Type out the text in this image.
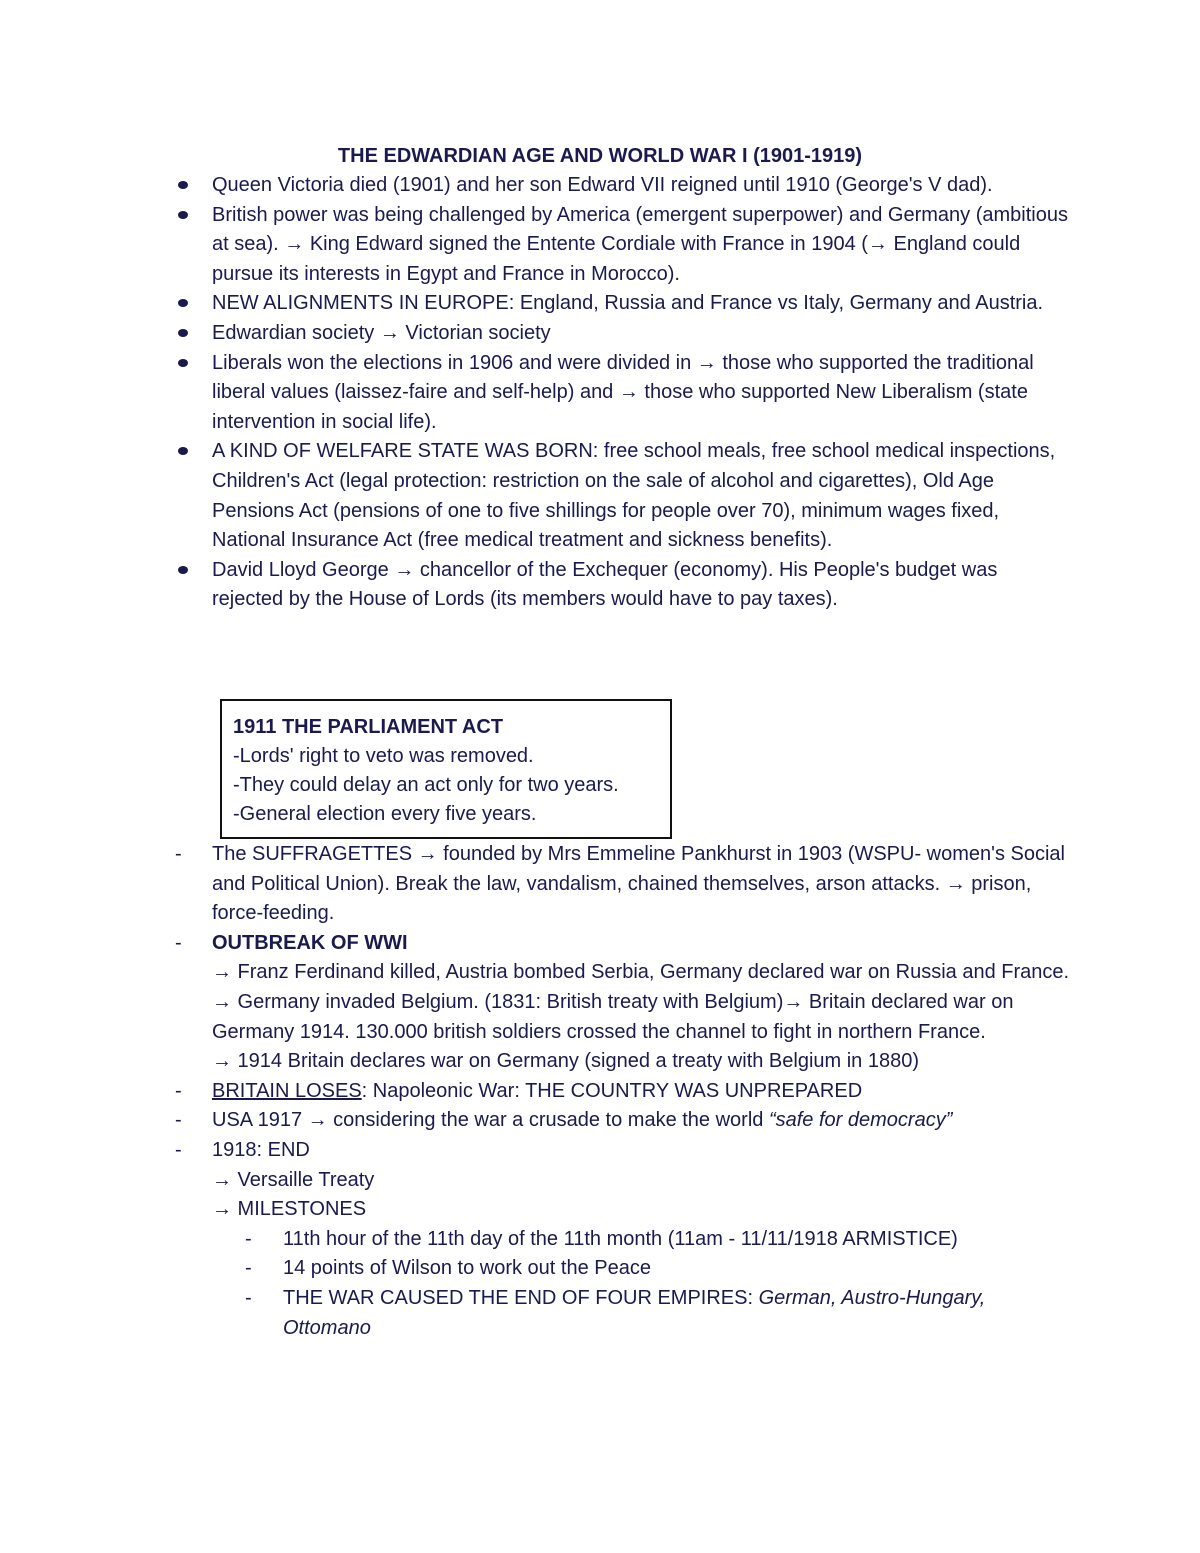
THE EDWARDIAN AGE AND WORLD WAR I (1901-1919)
Queen Victoria died (1901) and her son Edward VII reigned until 1910 (George's V dad).
British power was being challenged by America (emergent superpower) and Germany (ambitious at sea). → King Edward signed the Entente Cordiale with France in 1904 (→ England could pursue its interests in Egypt and France in Morocco).
NEW ALIGNMENTS IN EUROPE: England, Russia and France vs Italy, Germany and Austria.
Edwardian society → Victorian society
Liberals won the elections in 1906 and were divided in → those who supported the traditional liberal values (laissez-faire and self-help) and → those who supported New Liberalism (state intervention in social life).
A KIND OF WELFARE STATE WAS BORN: free school meals, free school medical inspections, Children's Act (legal protection: restriction on the sale of alcohol and cigarettes), Old Age Pensions Act (pensions of one to five shillings for people over 70), minimum wages fixed, National Insurance Act (free medical treatment and sickness benefits).
David Lloyd George → chancellor of the Exchequer (economy). His People's budget was rejected by the House of Lords (its members would have to pay taxes).
1911 THE PARLIAMENT ACT
-Lords' right to veto was removed.
-They could delay an act only for two years.
-General election every five years.
- The SUFFRAGETTES → founded by Mrs Emmeline Pankhurst in 1903 (WSPU- women's Social and Political Union). Break the law, vandalism, chained themselves, arson attacks. → prison, force-feeding.
- OUTBREAK OF WWI
→ Franz Ferdinand killed, Austria bombed Serbia, Germany declared war on Russia and France.
→ Germany invaded Belgium. (1831: British treaty with Belgium)→ Britain declared war on Germany 1914. 130.000 british soldiers crossed the channel to fight in northern France.
→ 1914 Britain declares war on Germany (signed a treaty with Belgium in 1880)
- BRITAIN LOSES: Napoleonic War: THE COUNTRY WAS UNPREPARED
- USA 1917 → considering the war a crusade to make the world “safe for democracy”
- 1918: END
→ Versaille Treaty
→ MILESTONES
- 11th hour of the 11th day of the 11th month (11am - 11/11/1918 ARMISTICE)
- 14 points of Wilson to work out the Peace
- THE WAR CAUSED THE END OF FOUR EMPIRES: German, Austro-Hungary, Ottomano
